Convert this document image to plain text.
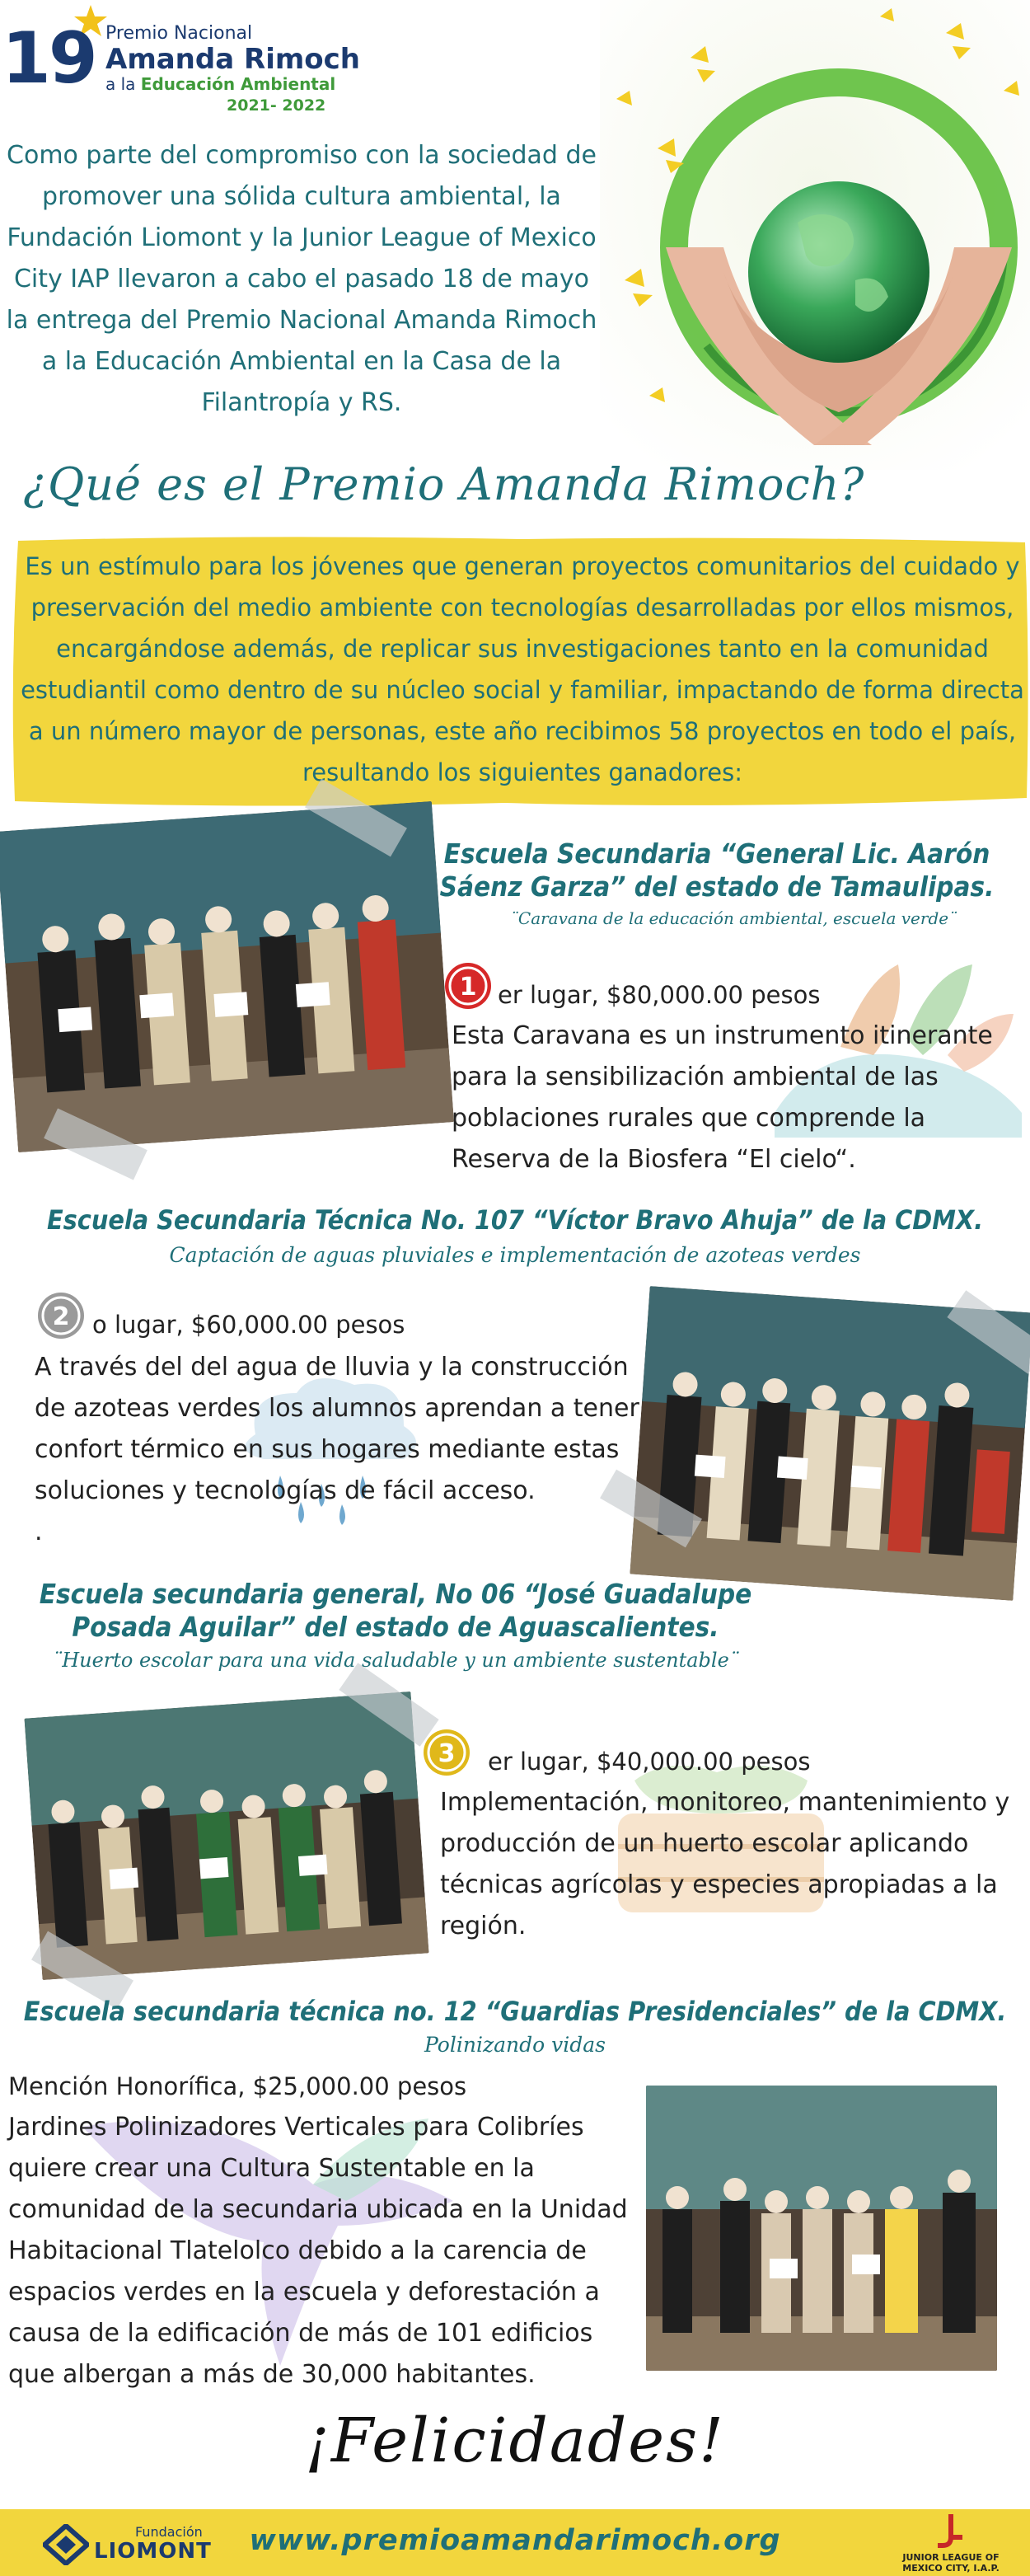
19 Premio Nacional
Amanda Rimoch
a la Educación Ambiental
2021- 2022
Como parte del compromiso con la sociedad de promover una sólida cultura ambiental, la Fundación Liomont y la Junior League of Mexico City IAP llevaron a cabo el pasado 18 de mayo la entrega del Premio Nacional Amanda Rimoch a la Educación Ambiental en la Casa de la Filantropía y RS.
¿Qué es el Premio Amanda Rimoch?
Es un estímulo para los jóvenes que generan proyectos comunitarios del cuidado y preservación del medio ambiente con tecnologías desarrolladas por ellos mismos, encargándose además, de replicar sus investigaciones tanto en la comunidad estudiantil como dentro de su núcleo social y familiar, impactando de forma directa a un número mayor de personas, este año recibimos 58 proyectos en todo el país, resultando los siguientes ganadores:
Escuela Secundaria “General Lic. Aarón Sáenz Garza” del estado de Tamaulipas.
¨Caravana de la educación ambiental, escuela verde¨
1 er lugar, $80,000.00 pesos
Esta Caravana es un instrumento itinerante para la sensibilización ambiental de las poblaciones rurales que comprende la Reserva de la Biosfera “El cielo“.
Escuela Secundaria Técnica No. 107 “Víctor Bravo Ahuja” de la CDMX.
Captación de aguas pluviales e implementación de azoteas verdes
2 o lugar, $60,000.00 pesos
A través del del agua de lluvia y la construcción de azoteas verdes los alumnos aprendan a tener confort térmico en sus hogares mediante estas soluciones y tecnologías de fácil acceso.
.
Escuela secundaria general, No 06 “José Guadalupe Posada Aguilar” del estado de Aguascalientes.
¨Huerto escolar para una vida saludable y un ambiente sustentable¨
3 er lugar, $40,000.00 pesos
Implementación, monitoreo, mantenimiento y producción de un huerto escolar aplicando técnicas agrícolas y especies apropiadas a la región.
Escuela secundaria técnica no. 12 “Guardias Presidenciales” de la CDMX.
Polinizando vidas
Mención Honorífica, $25,000.00 pesos
Jardines Polinizadores Verticales para Colibríes quiere crear una Cultura Sustentable en la comunidad de la secundaria ubicada en la Unidad Habitacional Tlatelolco debido a la carencia de espacios verdes en la escuela y deforestación a causa de la edificación de más de 101 edificios que albergan a más de 30,000 habitantes.
¡Felicidades!
Fundación
LIOMONT	www.premioamandarimoch.org
JUNIOR LEAGUE OF
MEXICO CITY, I.A.P.
